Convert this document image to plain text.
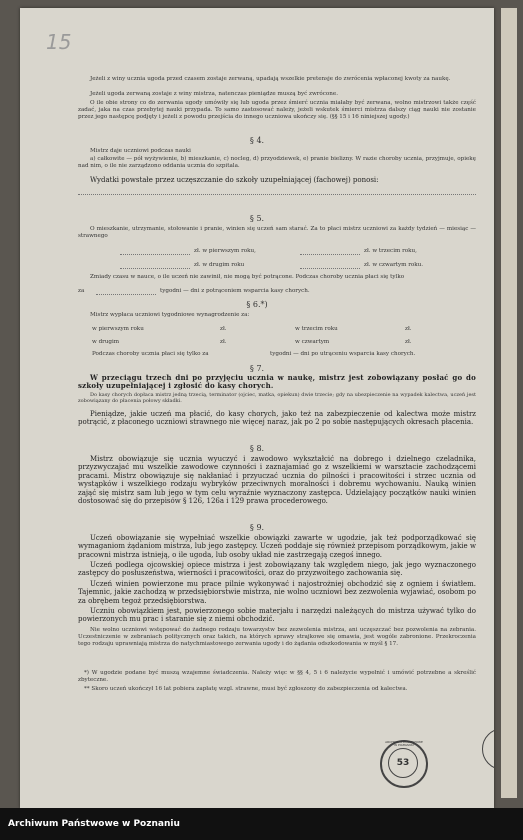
15

Jeżeli z winy ucznia ugoda przed czasem zostaje zerwaną, upadają wszelkie pretensje do zwrócenia wpłaconej kwoty za naukę.

Jeżeli ugoda zerwaną zostaje z winy mistrza, natenczas pieniądze muszą być zwrócone.

O ile obie strony co do zerwania ugody umówiły się lub ugoda przez śmierć ucznia miałaby być zerwana, wolno mistrzowi także część zadać, jaka na czas przebytej nauki przypada. To samo zastosować należy, jeżeli wskutek śmierci mistrza dalszy ciąg nauki nie zostanie przez jego następcę podjęty i jeżeli z powodu przejścia do innego uczniowa ukończy się. (§§ 15 i 16 niniejszej ugody.)

§ 4.

Mistrz daje uczniowi podczas nauki

a) całkowite — pół wyżywienie, b) mieszkanie, c) nocleg, d) przyodziewek, e) pranie bielizny. W razie choroby ucznia, przyjmuje, opiekę nad nim, o ile nie zarządzono oddania ucznia do szpitala.

Wydatki powstałe przez uczęszczanie do szkoły uzupełniającej (fachowej) ponosi:

§ 5.

O mieszkanie, utrzymanie, stołowanie i pranie, winien się uczeń sam starać. Za to płaci mistrz uczniowi za każdy tydzień — miesiąc — strawnego

zł. w pierwszym roku,	zł. w trzecim roku,

zł. w drugim roku	zł. w czwartym roku.

Zmiady czasu w nauce, o ile uczeń nie zawinił, nie mogą być potrącone. Podczas choroby ucznia płaci się tylko

za	tygodni — dni z potrąceniem wsparcia kasy chorych.

§ 6.*)

Mistrz wypłaca uczniowi tygodniowe wynagrodzenie za:

w pierwszym roku	zł.	w trzecim roku	zł.

w drugim	zł.	w czwartym	zł.

Podczas choroby ucznia płaci się tylko za	tygodni — dni po utrąceniu wsparcia kasy chorych.

§ 7.

W przeciągu trzech dni po przyjęciu ucznia w naukę, mistrz jest zobowiązany posłać go do szkoły uzupełniającej i zgłosić do kasy chorych.

Do kasy chorych dopłaca mistrz jedną trzecią, terminator (ojciec, matka, opiekun) dwie trzecie; gdy na ubezpieczenie na wypadek kalectwa, uczeń jest zobowiązany do płacenia połowy składki.

Pieniądze, jakie uczeń ma płacić, do kasy chorych, jako też na zabezpieczenie od kalectwa może mistrz potrącić, z płaconego uczniowi strawnego nie więcej naraz, jak po 2 po sobie następujących okresach płacenia.

§ 8.

Mistrz obowiązuje się ucznia wyuczyć i zawodowo wykształcić na dobrego i dzielnego czeladnika, przyzwyczajać mu wszelkie zawodowe czynności i zaznajamiać go z wszelkiemi w warsztacie zachodzącemi pracami. Mistrz obowiązuje się nakłaniać i przyuczać ucznia do pilności i pracowitości i strzec ucznia od wystąpków i wszelkiego rodzaju wybryków przeciwnych moralności i dobremu wychowaniu. Nauką winien zająć się mistrz sam lub jego w tym celu wyraźnie wyznaczony zastępca. Udzielający początków nauki winien dostosować się do przepisów § 126, 126a i 129 prawa procederowego.

§ 9.

Uczeń obowiązanie się wypełniać wszelkie obowiązki zawarte w ugodzie, jak też podporządkować się wymaganiom żądaniom mistrza, lub jego zastępcy. Uczeń poddaje się również przepisom porządkowym, jakie w pracowni mistrza istnieją, o ile ugoda, lub osoby układ nie zastrzegają czegoś innego.

Uczeń podlega ojcowskiej opiece mistrza i jest zobowiązany tak względem niego, jak jego wyznaczonego zastępcy do posłuszeństwa, wierności i pracowitości, oraz do przyzwoitego zachowania się.

Uczeń winien powierzone mu prace pilnie wykonywać i najostrożniej obchodzić się z ogniem i światłem. Tajemnic, jakie zachodzą w przedsiębiorstwie mistrza, nie wolno uczniowi bez zezwolenia wyjawiać, osobom po za obrębem tegoż przedsiębiorstwa.

Uczniu obowiązkiem jest, powierzonego sobie materjału i narzędzi należących do mistrza używać tylko do powierzonych mu prac i staranie się z niemi obchodzić.

Nie wolno uczniowi wstępować do żadnego rodzaju towarzystw bez zezwolenia mistrza, ani uczęszczać bez pozwolenia na zebrania. Uczestniczenie w zebraniach politycznych oraz takich, na których sprawy strajkowe się omawia, jest wogóle zabronione. Przekroczenia tego rodzaju uprawniają mistrza do natychmiastowego zerwania ugody i do żądania odszkodowania w myśl § 17.

*) W ugodzie podane być muszą wzajemne świadczenia. Należy więc w §§ 4, 5 i 6 należycie wypełnić i umówić potrzebne a skreślić zbyteczne.

** Skoro uczeń ukończył 16 lat pobiera zapłatę wzgl. strawne, musi być zgłoszony do zabezpieczenia od kalectwa.

53
ARCHIWUM PAŃSTWOWE W POZNANIU
Archiwum Państwowe w Poznaniu
